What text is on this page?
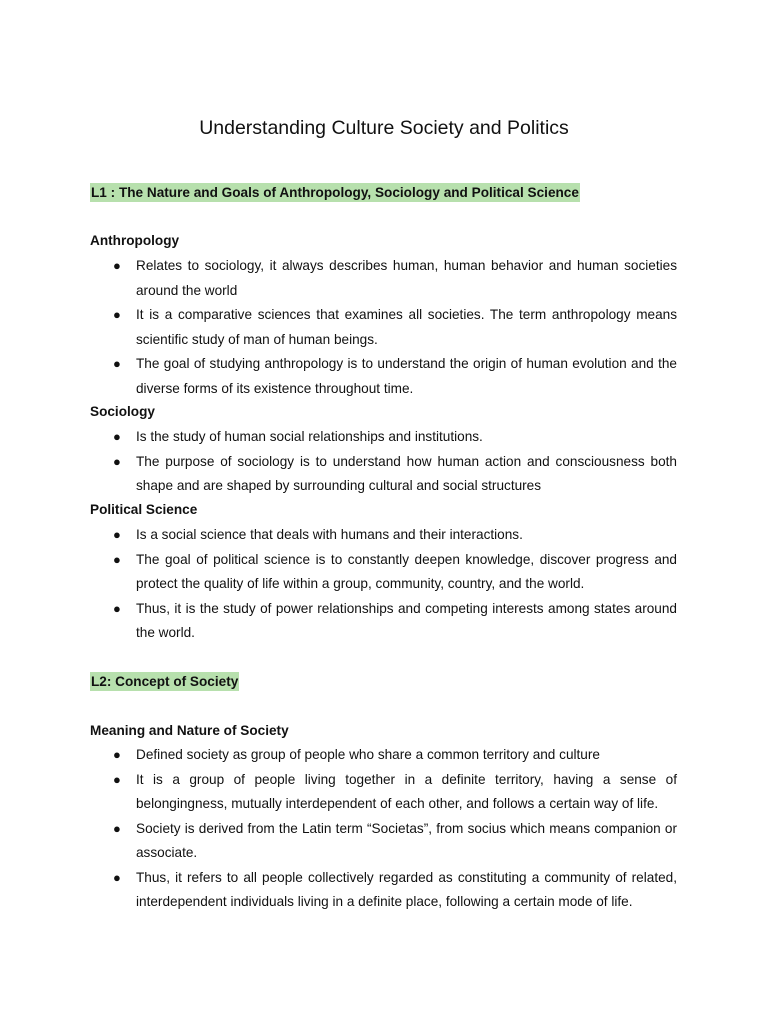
Understanding Culture Society and Politics
L1 : The Nature and Goals of Anthropology, Sociology and Political Science
Anthropology
● Relates to sociology, it always describes human, human behavior and human societies around the world
● It is a comparative sciences that examines all societies. The term anthropology means scientific study of man of human beings.
● The goal of studying anthropology is to understand the origin of human evolution and the diverse forms of its existence throughout time.
Sociology
● Is the study of human social relationships and institutions.
● The purpose of sociology is to understand how human action and consciousness both shape and are shaped by surrounding cultural and social structures
Political Science
● Is a social science that deals with humans and their interactions.
● The goal of political science is to constantly deepen knowledge, discover progress and protect the quality of life within a group, community, country, and the world.
● Thus, it is the study of power relationships and competing interests among states around the world.
L2: Concept of Society
Meaning and Nature of Society
● Defined society as group of people who share a common territory and culture
● It is a group of people living together in a definite territory, having a sense of belongingness, mutually interdependent of each other, and follows a certain way of life.
● Society is derived from the Latin term “Societas”, from socius which means companion or associate.
● Thus, it refers to all people collectively regarded as constituting a community of related, interdependent individuals living in a definite place, following a certain mode of life.
